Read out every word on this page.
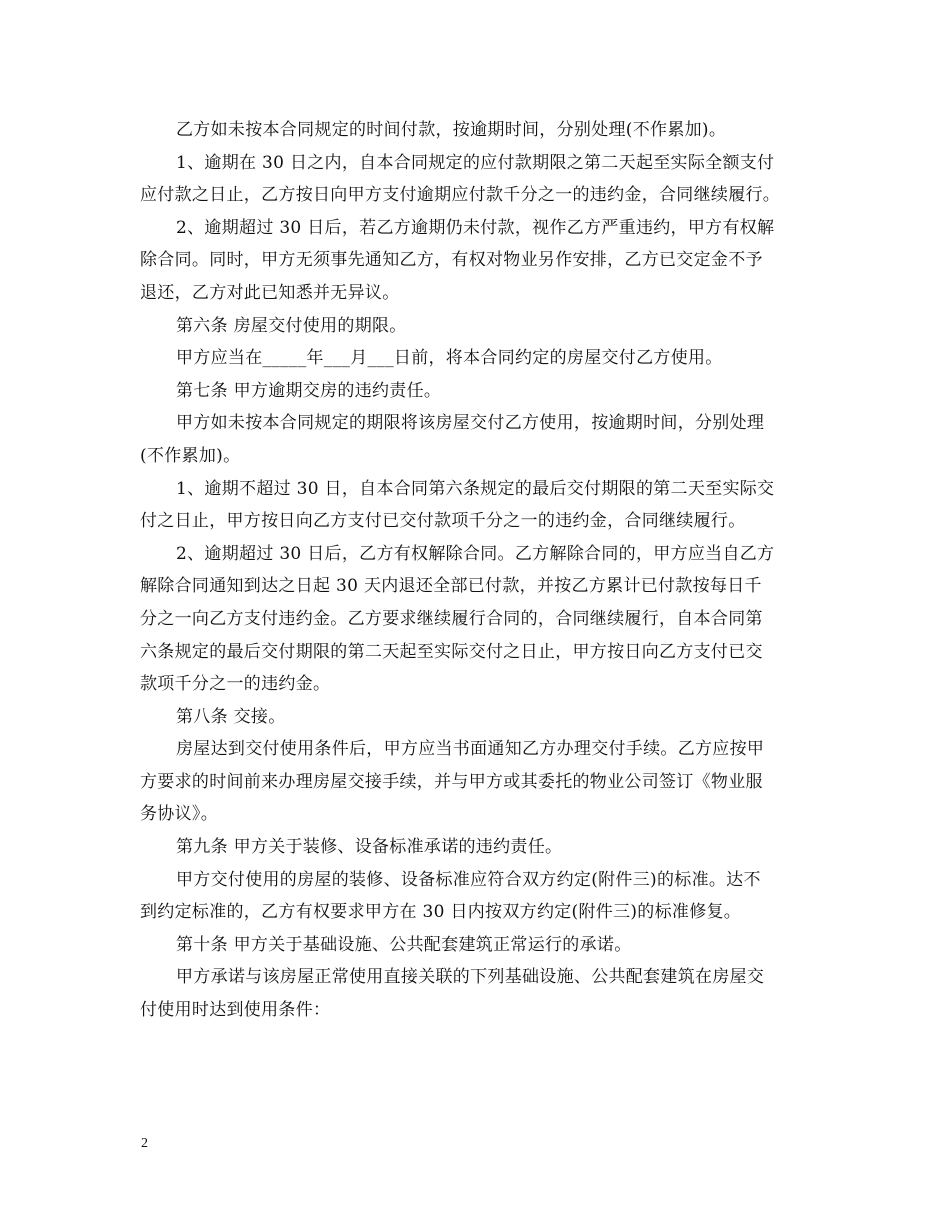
乙方如未按本合同规定的时间付款，按逾期时间，分别处理(不作累加)。

1、逾期在 30 日之内，自本合同规定的应付款期限之第二天起至实际全额支付

应付款之日止，乙方按日向甲方支付逾期应付款千分之一的违约金，合同继续履行。

2、逾期超过 30 日后，若乙方逾期仍未付款，视作乙方严重违约，甲方有权解

除合同。同时，甲方无须事先通知乙方，有权对物业另作安排，乙方已交定金不予

退还，乙方对此已知悉并无异议。

第六条 房屋交付使用的期限。

甲方应当在_____年___月___日前，将本合同约定的房屋交付乙方使用。

第七条 甲方逾期交房的违约责任。

甲方如未按本合同规定的期限将该房屋交付乙方使用，按逾期时间，分别处理

(不作累加)。

1、逾期不超过 30 日，自本合同第六条规定的最后交付期限的第二天至实际交

付之日止，甲方按日向乙方支付已交付款项千分之一的违约金，合同继续履行。

2、逾期超过 30 日后，乙方有权解除合同。乙方解除合同的，甲方应当自乙方

解除合同通知到达之日起 30 天内退还全部已付款，并按乙方累计已付款按每日千

分之一向乙方支付违约金。乙方要求继续履行合同的，合同继续履行，自本合同第

六条规定的最后交付期限的第二天起至实际交付之日止，甲方按日向乙方支付已交

款项千分之一的违约金。

第八条 交接。

房屋达到交付使用条件后，甲方应当书面通知乙方办理交付手续。乙方应按甲

方要求的时间前来办理房屋交接手续，并与甲方或其委托的物业公司签订《物业服

务协议》。

第九条 甲方关于装修、设备标准承诺的违约责任。

甲方交付使用的房屋的装修、设备标准应符合双方约定(附件三)的标准。达不

到约定标准的，乙方有权要求甲方在 30 日内按双方约定(附件三)的标准修复。

第十条 甲方关于基础设施、公共配套建筑正常运行的承诺。

甲方承诺与该房屋正常使用直接关联的下列基础设施、公共配套建筑在房屋交

付使用时达到使用条件：

2
